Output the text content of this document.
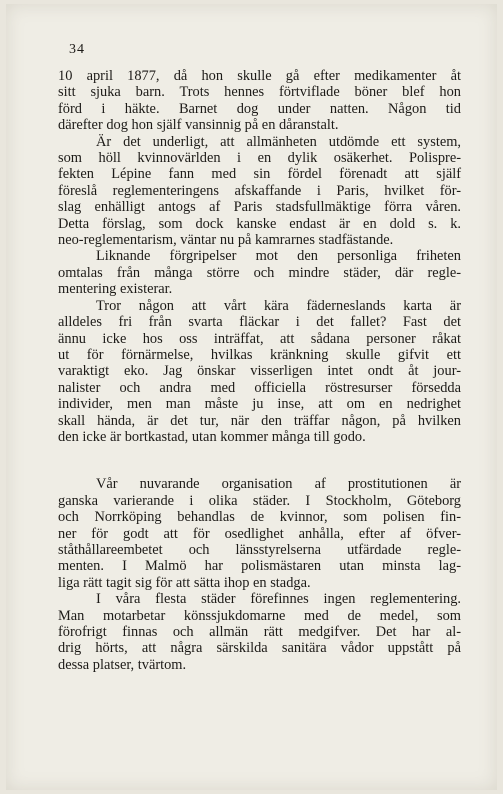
34
10 april 1877, då hon skulle gå efter medikamenter åt
sitt sjuka barn. Trots hennes förtviflade böner blef hon
förd i häkte. Barnet dog under natten. Någon tid
därefter dog hon själf vansinnig på en dåranstalt.
Är det underligt, att allmänheten utdömde ett system,
som höll kvinnovärlden i en dylik osäkerhet. Polispre-
fekten Lépine fann med sin fördel förenadt att själf
föreslå reglementeringens afskaffande i Paris, hvilket för-
slag enhälligt antogs af Paris stadsfullmäktige förra våren.
Detta förslag, som dock kanske endast är en dold s. k.
neo-reglementarism, väntar nu på kamrarnes stadfästande.
Liknande förgripelser mot den personliga friheten
omtalas från många större och mindre städer, där regle-
mentering existerar.
Tror någon att vårt kära fäderneslands karta är
alldeles fri från svarta fläckar i det fallet? Fast det
ännu icke hos oss inträffat, att sådana personer råkat
ut för förnärmelse, hvilkas kränkning skulle gifvit ett
varaktigt eko. Jag önskar visserligen intet ondt åt jour-
nalister och andra med officiella röstresurser försedda
individer, men man måste ju inse, att om en nedrighet
skall hända, är det tur, när den träffar någon, på hvilken
den icke är bortkastad, utan kommer många till godo.
Vår nuvarande organisation af prostitutionen är
ganska varierande i olika städer. I Stockholm, Göteborg
och Norrköping behandlas de kvinnor, som polisen fin-
ner för godt att för osedlighet anhålla, efter af öfver-
ståthållareembetet och länsstyrelserna utfärdade regle-
menten. I Malmö har polismästaren utan minsta lag-
liga rätt tagit sig för att sätta ihop en stadga.
I våra flesta städer förefinnes ingen reglementering.
Man motarbetar könssjukdomarne med de medel, som
förofrigt finnas och allmän rätt medgifver. Det har al-
drig hörts, att några särskilda sanitära vådor uppstått på
dessa platser, tvärtom.
